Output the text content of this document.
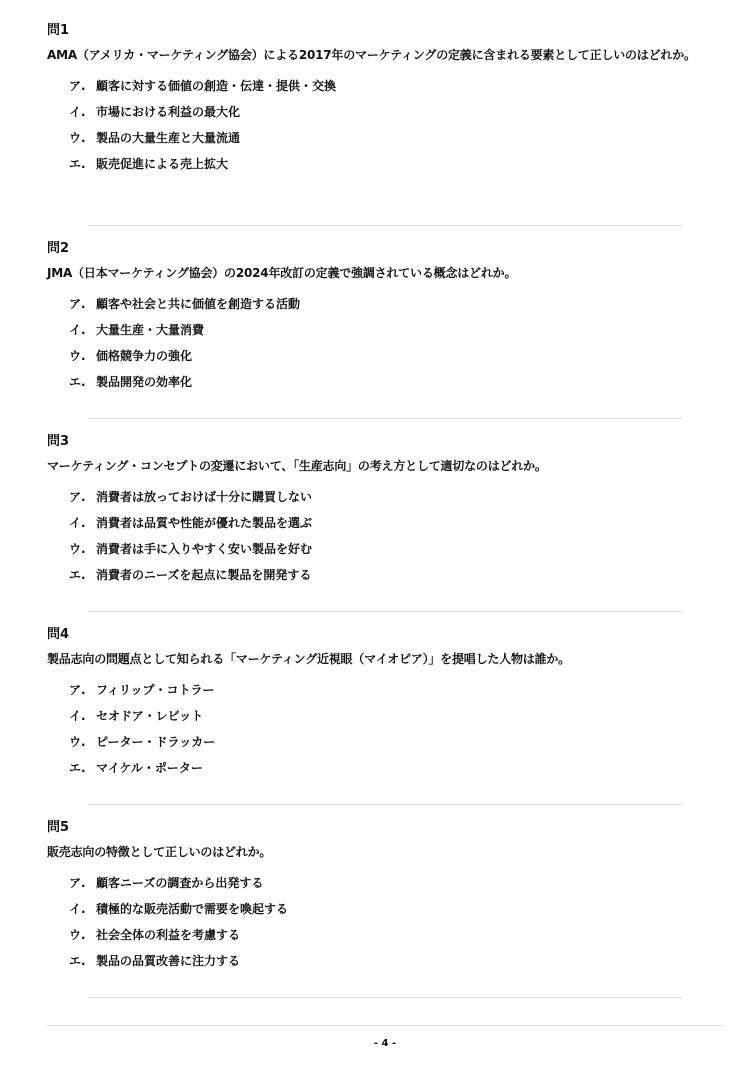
問1

AMA（アメリカ・マーケティング協会）による2017年のマーケティングの定義に含まれる要素として正しいのはどれか。

ア. 顧客に対する価値の創造・伝達・提供・交換
イ. 市場における利益の最大化
ウ. 製品の大量生産と大量流通
エ. 販売促進による売上拡大

問2

JMA（日本マーケティング協会）の2024年改訂の定義で強調されている概念はどれか。

ア. 顧客や社会と共に価値を創造する活動
イ. 大量生産・大量消費
ウ. 価格競争力の強化
エ. 製品開発の効率化

問3

マーケティング・コンセプトの変遷において、「生産志向」の考え方として適切なのはどれか。

ア. 消費者は放っておけば十分に購買しない
イ. 消費者は品質や性能が優れた製品を選ぶ
ウ. 消費者は手に入りやすく安い製品を好む
エ. 消費者のニーズを起点に製品を開発する

問4

製品志向の問題点として知られる「マーケティング近視眼（マイオピア）」を提唱した人物は誰か。

ア. フィリップ・コトラー
イ. セオドア・レビット
ウ. ピーター・ドラッカー
エ. マイケル・ポーター

問5

販売志向の特徴として正しいのはどれか。

ア. 顧客ニーズの調査から出発する
イ. 積極的な販売活動で需要を喚起する
ウ. 社会全体の利益を考慮する
エ. 製品の品質改善に注力する
- 4 -
